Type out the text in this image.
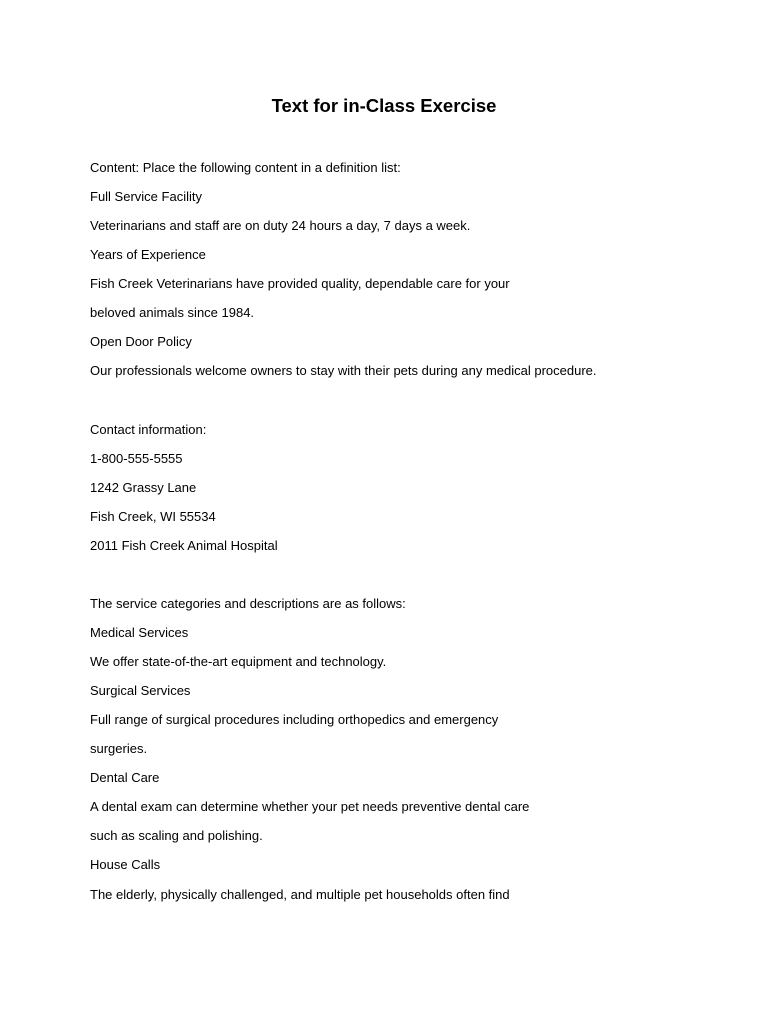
Text for in-Class Exercise
Content: Place the following content in a definition list:
Full Service Facility
Veterinarians and staff are on duty 24 hours a day, 7 days a week.
Years of Experience
Fish Creek Veterinarians have provided quality, dependable care for your
beloved animals since 1984.
Open Door Policy
Our professionals welcome owners to stay with their pets during any medical procedure.
Contact information:
1-800-555-5555
1242 Grassy Lane
Fish Creek, WI 55534
2011 Fish Creek Animal Hospital
The service categories and descriptions are as follows:
Medical Services
We offer state-of-the-art equipment and technology.
Surgical Services
Full range of surgical procedures including orthopedics and emergency
surgeries.
Dental Care
A dental exam can determine whether your pet needs preventive dental care
such as scaling and polishing.
House Calls
The elderly, physically challenged, and multiple pet households often find
